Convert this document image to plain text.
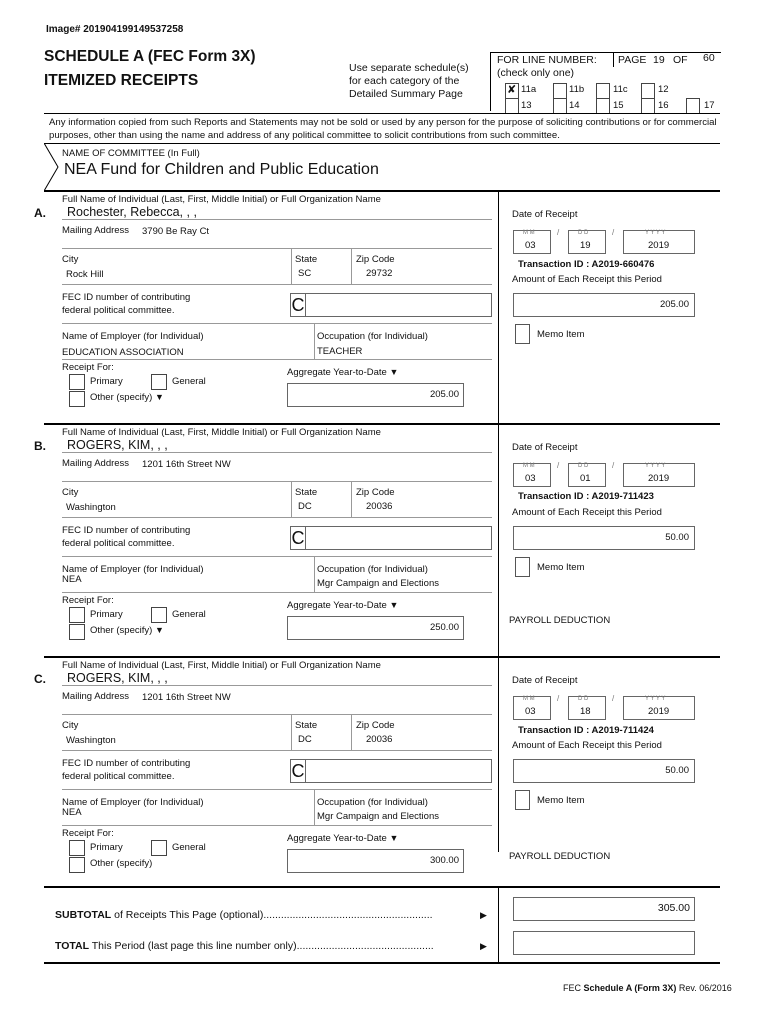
Image# 201904199149537258
SCHEDULE A (FEC Form 3X)
ITEMIZED RECEIPTS
Use separate schedule(s)
for each category of the
Detailed Summary Page
FOR LINE NUMBER:
(check only one)
PAGE 19 OF 60
✘ 11a	11b	11c	12
13	14	15	16	17
Any information copied from such Reports and Statements may not be sold or used by any person for the purpose of soliciting contributions or for commercial purposes, other than using the name and address of any political committee to solicit contributions from such committee.
NAME OF COMMITTEE (In Full)
NEA Fund for Children and Public Education
Full Name of Individual (Last, First, Middle Initial) or Full Organization Name
A. Rochester, Rebecca, , ,
Mailing Address 3790 Be Ray Ct
City
Rock Hill
State
SC
Zip Code
29732
FEC ID number of contributing
federal political committee.	C
Name of Employer (for Individual)
EDUCATION ASSOCIATION
Occupation (for Individual)
TEACHER
Receipt For:
Primary	General
Other (specify) ▼
Aggregate Year-to-Date ▼
205.00
Date of Receipt
M M
03
/	D D
19
/	Y Y Y Y
2019
Transaction ID : A2019-660476
Amount of Each Receipt this Period
205.00
Memo Item
Full Name of Individual (Last, First, Middle Initial) or Full Organization Name
B. ROGERS, KIM, , ,
Mailing Address 1201 16th Street NW
City
Washington
State
DC
Zip Code
20036
FEC ID number of contributing
federal political committee.	C
Name of Employer (for Individual)
NEA
Occupation (for Individual)
Mgr Campaign and Elections
Receipt For:
Primary	General
Other (specify) ▼
Aggregate Year-to-Date ▼
250.00
Date of Receipt
M M
03
/	D D
01
/	Y Y Y Y
2019
Transaction ID : A2019-711423
Amount of Each Receipt this Period
50.00
Memo Item
PAYROLL DEDUCTION
Full Name of Individual (Last, First, Middle Initial) or Full Organization Name
C. ROGERS, KIM, , ,
Mailing Address 1201 16th Street NW
City
Washington
State
DC
Zip Code
20036
FEC ID number of contributing
federal political committee.	C
Name of Employer (for Individual)
NEA
Occupation (for Individual)
Mgr Campaign and Elections
Receipt For:
Primary	General
Other (specify)
Aggregate Year-to-Date ▼
300.00
Date of Receipt
M M
03
/	D D
18
/	Y Y Y Y
2019
Transaction ID : A2019-711424
Amount of Each Receipt this Period
50.00
Memo Item
PAYROLL DEDUCTION
SUBTOTAL of Receipts This Page (optional)..........................................................	▶
305.00
TOTAL This Period (last page this line number only)...............................................	▶
FEC Schedule A (Form 3X) Rev. 06/2016
